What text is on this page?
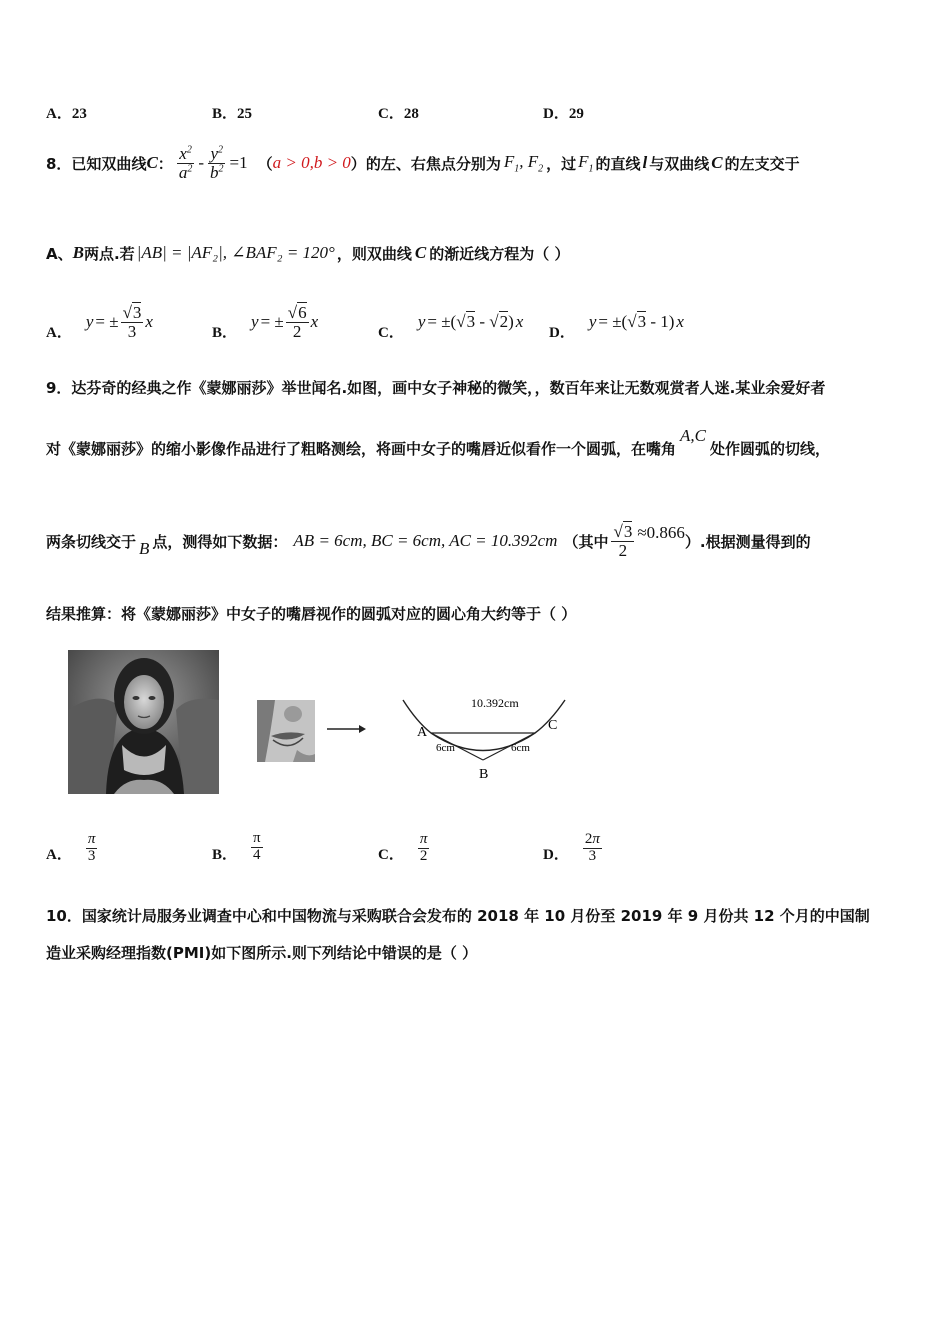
A．23	B．25	C．28	D．29
8．已知双曲线 C ： $\frac{x^2}{a^2} - \frac{y^2}{b^2} =1$ （ a > 0,b > 0 ） 的左、右焦点分别为 $F_1$, $F_2$ ，过 $F_1$ 的直线 l 与双曲线 C 的左支交于
A、 B 两点.若 |AB| = |AF₂|, ∠BAF₂ = 120° ，则双曲线 C 的渐近线方程为（ ）
A．
y = ± $\frac{√3}{3}$ x
B．
y = ± $\frac{√6}{2}$ x
C．
y = ±(√3 - √2) x
D．
y = ±(√3 - 1) x
9．达芬奇的经典之作《蒙娜丽莎》举世闻名.如图，画中女子神秘的微笑，，数百年来让无数观赏者人迷.某业余爱好者
对《蒙娜丽莎》的缩小影像作品进行了粗略测绘，将画中女子的嘴唇近似看作一个圆弧，在嘴角
A,C
处作圆弧的切线，
两条切线交于 B 点，测得如下数据： AB = 6cm, BC = 6cm, AC = 10.392cm （其中 $\frac{√3}{2} \approx 0.866$ ）.根据测量得到的
结果推算：将《蒙娜丽莎》中女子的嘴唇视作的圆弧对应的圆心角大约等于（ ）
10.392cm
A	C
B
6cm	6cm
A． $\frac{\pi}{3}$	B． $\frac{\pi}{4}$	C． $\frac{\pi}{2}$	D． $\frac{2\pi}{3}$
10．国家统计局服务业调查中心和中国物流与采购联合会发布的 2018 年 10 月份至 2019 年 9 月份共 12 个月的中国制
造业采购经理指数(PMI)如下图所示.则下列结论中错误的是（ ）
